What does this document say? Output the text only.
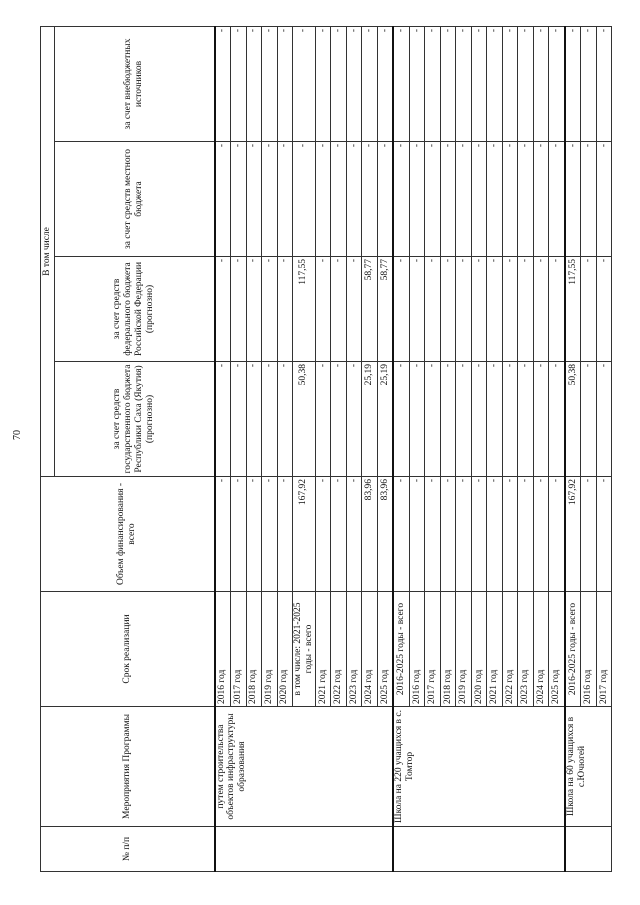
70
№ п/п	Мероприятия Программы	Срок реализации	Объем финансирования - всего	В том числе			
				за счет средств государственного бюджета Республики Саха (Якутия) (прогнозно)	за счет средств федерального бюджета Российской Федерации (прогнозно)	за счет средств местного бюджета	за счет внебюджетных источников
	путем строительства объектов инфраструктуры образования	2016 год	-	-	-	-	-
		2017 год	-	-	-	-	-
		2018 год	-	-	-	-	-
		2019 год	-	-	-	-	-
		2020 год	-	-	-	-	-
		в том числе: 2021-2025 годы - всего	167,92	50,38	117,55	-	-
		2021 год	-	-	-	-	-
		2022 год	-	-	-	-	-
		2023 год	-	-	-	-	-
		2024 год	83,96	25,19	58,77	-	-
		2025 год	83,96	25,19	58,77	-	-
	Школа на 220 учащихся в с. Томтор	2016-2025 годы - всего	-	-	-	-	-
		2016 год	-	-	-	-	-
		2017 год	-	-	-	-	-
		2018 год	-	-	-	-	-
		2019 год	-	-	-	-	-
		2020 год	-	-	-	-	-
		2021 год	-	-	-	-	-
		2022 год	-	-	-	-	-
		2023 год	-	-	-	-	-
		2024 год	-	-	-	-	-
		2025 год	-	-	-	-	-
	Школа на 60 учащихся в с.Ючюгей	2016-2025 годы - всего	167,92	50,38	117,55	-	-
		2016 год	-	-	-	-	-
		2017 год	-	-	-	-	-
